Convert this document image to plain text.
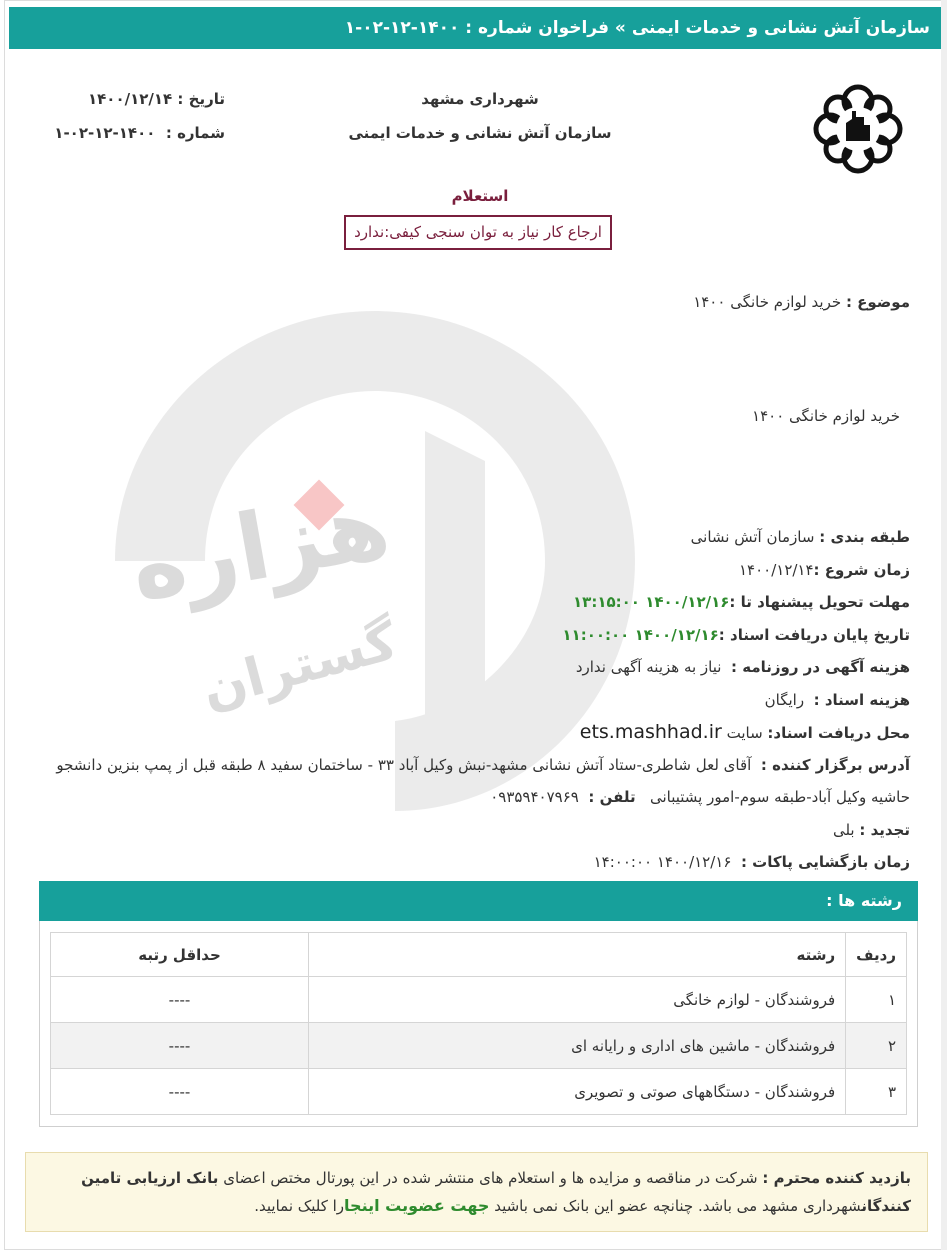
سازمان آتش نشانی و خدمات ایمنی » فراخوان شماره : ۱۴۰۰-۱۲-۰۲-۱
هزاره
گستران
شهرداری مشهد
سازمان آتش نشانی و خدمات ایمنی
تاریخ : ۱۴۰۰/۱۲/۱۴
شماره :  ۱۴۰۰-۱۲-۰۲-۱
استعلام
ارجاع کار نیاز به توان سنجی کیفی:ندارد
موضوع : خرید لوازم خانگی ۱۴۰۰
خرید لوازم خانگی ۱۴۰۰
طبقه بندی : سازمان آتش نشانی
زمان شروع :۱۴۰۰/۱۲/۱۴
مهلت تحویل پیشنهاد تا :۱۴۰۰/۱۲/۱۶ ۱۳:۱۵:۰۰
تاریخ پایان دریافت اسناد :۱۴۰۰/۱۲/۱۶ ۱۱:۰۰:۰۰
هزینه آگهی در روزنامه :  نیاز به هزینه آگهی ندارد
هزینه اسناد :  رایگان
محل دریافت اسناد: سایت ets.mashhad.ir
آدرس برگزار کننده :  آقای لعل شاطری-ستاد آتش نشانی مشهد-نبش وکیل آباد ۳۳ - ساختمان سفید ۸ طبقه قبل از پمپ بنزین دانشجو
حاشیه وکیل آباد-طبقه سوم-امور پشتیبانی   تلفن :  ۰۹۳۵۹۴۰۷۹۶۹
تجدید : بلی
زمان بازگشایی پاکات :  ۱۴۰۰/۱۲/۱۶ ۱۴:۰۰:۰۰
رشته ها :
ردیف	رشته	حداقل رتبه
۱	فروشندگان - لوازم خانگی	----
۲	فروشندگان - ماشین های اداری و رایانه ای	----
۳	فروشندگان - دستگاههای صوتی و تصویری	----
بازدید کننده محترم : شرکت در مناقصه و مزایده ها و استعلام های منتشر شده در این پورتال مختص اعضای بانک ارزیابی تامین کنندگانشهرداری مشهد می باشد. چنانچه عضو این بانک نمی باشید جهت عضویت اینجارا کلیک نمایید.
